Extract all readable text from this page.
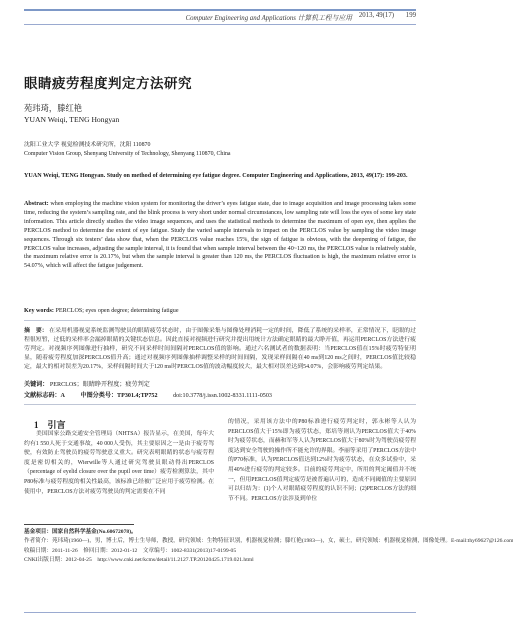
Computer Engineering and Applications 计算机工程与应用 2013, 49(17) 199
眼睛疲劳程度判定方法研究
苑玮琦，滕红艳
YUAN Weiqi, TENG Hongyan
沈阳工业大学 视觉检测技术研究所，沈阳 110870
Computer Vision Group, Shenyang University of Technology, Shenyang 110870, China
YUAN Weiqi, TENG Hongyan. Study on method of determining eye fatigue degree. Computer Engineering and Applications, 2013, 49(17): 199-203.
Abstract: when employing the machine vision system for monitoring the driver’s eyes fatigue state, due to image acquisition and image processing takes some time, reducing the system’s sampling rate, and the blink process is very short under normal circumstances, low sampling rate will loss the eyes of some key state information. This article directly studies the video image sequences, and uses the statistical methods to determine the maximum of open eye, then applies the PERCLOS method to determine the extent of eye fatigue. Study the varied sample intervals to impact on the PERCLOS value by sampling the video image sequences. Through six testers’ data show that, when the PERCLOS value reaches 15%, the sign of fatigue is obvious, with the deepening of fatigue, the PERCLOS value increases, adjusting the sample interval, it is found that when sample interval between the 40~120 ms, the PERCLOS value is relatively stable, the maximum relative error is 20.17%, but when the sample interval is greater than 120 ms, the PERCLOS fluctuation is high, the maximum relative error is 54.07%, which will affect the fatigue judgement.
Key words: PERCLOS; eyes open degree; determining fatigue
摘　要： 在采用机器视觉系统监测驾驶员的眼睛疲劳状态时，由于图像采集与图像处理消耗一定的时间，降低了系统的采样率，正常情况下，眨眼的过程很短暂，过低的采样率会漏掉眼睛的关键状态信息。因此直接对视频进行研究并提出用统计方法确定眼睛的最大睁开值，再运用PERCLOS方法进行疲劳判定。对视频序列图像进行抽样，研究不同采样时间间隔对PERCLOS值的影响。通过六名测试者的数据表明：当PERCLOS值在15%时疲劳特征明显，随着疲劳程度加深PERCLOS值升高；通过对视频序列图像抽样调整采样的时间间隔，发现采样间隔在40 ms到120 ms之间时，PERCLOS值比较稳定，最大的相对误差为20.17%，采样间隔时间大于120 ms时PERCLOS值的波动幅度较大，最大相对误差达到54.07%，会影响疲劳判定结果。
关键词： PERCLOS；眼睛睁开程度；疲劳判定
文献标志码：A	中图分类号：TP301.4;TP752	doi:10.3778/j.issn.1002-8331.1111-0503
1　引言
美国国家公路交通安全管理局（NHTSA）报告显示，在美国，每年大约有1 550人死于交通事故，40 000人受伤，其主要原因之一是由于疲劳驾驶，有效防止驾驶员的疲劳驾驶意义重大。研究表明眼睛的状态与疲劳程度是密切相关的，Wierwille等人通过研究驾驶员眼动得出PERCLOS（percentage of eyelid closure over the pupil over time）疲劳检测算法，其中P80标准与疲劳程度的相关性最高，该标准已经被广泛应用于疲劳检测。在使用中，PERCLOS方法对疲劳驾驶员的判定需要在不同
的情况，采用该方法中的P80标准进行疲劳判定时，郭永彬等人认为PERCLOS值大于15%即为疲劳状态，郑培等则认为PERCLOS值大于40%时为疲劳状态，而赫和军等人认为PERCLOS值大于80%时为驾驶员疲劳程度达到安全驾驶的操作所不能允许的界限。李丽等采用了PERCLOS方法中的P70标准，认为PERCLOS值达到12%时为疲劳状态，在众多试验中，采用40%进行疲劳的判定较多。目前的疲劳判定中，所用的判定阈值并不统一，但用PERCLOS值判定疲劳是被普遍认可的，造成不同阈值的主要原因可以归结为：(1)个人对眼睛疲劳程度的认识不同；(2)PERCLOS方法的细节不同。PERCLOS方法涉及到单位
基金项目：国家自然科学基金(No.60672078)。
作者简介：苑玮琦(1960—)，男，博士后，博士生导师，教授，研究领域：生物特征识别，机器视觉检测；滕红艳(1983—)，女，硕士，研究领域：机器视觉检测，图像处理。E-mail:thy69627@126.com
收稿日期：2011-11-26　修回日期：2012-01-12　文章编号：1002-8331(2013)17-0199-05
CNKI出版日期：2012-04-25　http://www.cnki.net/kcms/detail/11.2127.TP.20120425.1719.021.html
